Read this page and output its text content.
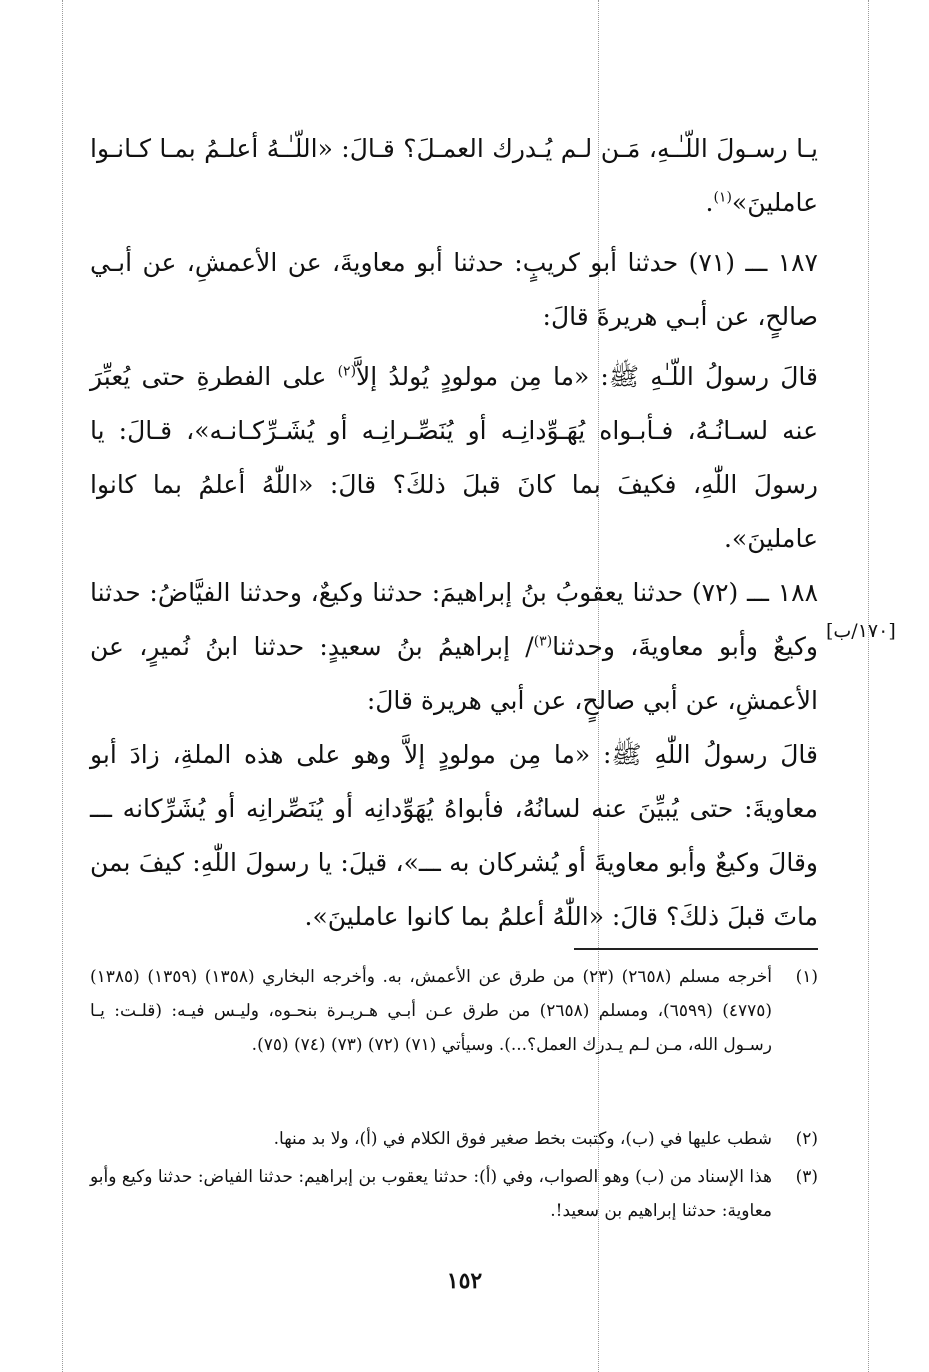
يـا رسـولَ اللّـٰـهِ، مَـن لـم يُـدرك العمـلَ؟ قـالَ: «اللّـٰـهُ أعلـمُ بمـا كـانـوا عاملينَ»$^{(١)}$.
١٨٧ ـــ (٧١) حدثنا أبو كريبٍ: حدثنا أبو معاويةَ، عن الأعمشِ، عن أبـي صالحٍ، عن أبـي هريرةَ قالَ:
قالَ رسولُ اللّـٰهِ ﷺ: «ما مِن مولودٍ يُولدُ إلاَّ$^{(٢)}$ على الفطرةِ حتى يُعبِّرَ عنه لسـانُـهُ، فـأبـواه يُهَـوِّدانِـه أو يُنَصِّـرانِـه أو يُشَـرِّكـانـه»، قـالَ: يا رسولَ اللّٰهِ، فكيفَ بما كانَ قبلَ ذلكَ؟ قالَ: «اللّٰهُ أعلمُ بما كانوا عاملينَ».
١٨٨ ـــ (٧٢) حدثنا يعقوبُ بنُ إبراهيمَ: حدثنا وكيعٌ، وحدثنا الفيَّاضُ: حدثنا وكيعٌ وأبو معاويةَ، وحدثنا$^{(٣)}$/ إبراهيمُ بنُ سعيدٍ: حدثنا ابنُ نُميرٍ، عن الأعمشِ، عن أبي صالحٍ، عن أبي هريرة قالَ:
[١٧٠/ب]
قالَ رسولُ اللّٰهِ ﷺ: «ما مِن مولودٍ إلاَّ وهو على هذه الملةِ، زادَ أبو معاويةَ: حتى يُبيِّنَ عنه لسانُهُ، فأبواهُ يُهَوِّدانِه أو يُنَصِّرانِه أو يُشَرِّكانه ـــ وقالَ وكيعٌ وأبو معاويةَ أو يُشركان به ـــ»، قيلَ: يا رسولَ اللّٰهِ: كيفَ بمن ماتَ قبلَ ذلكَ؟ قالَ: «اللّٰهُ أعلمُ بما كانوا عاملينَ».
(١)
أخرجه مسلم (٢٦٥٨) (٢٣) من طرق عن الأعمش، به. وأخرجه البخاري (١٣٥٨) (١٣٥٩) (١٣٨٥) (٤٧٧٥) (٦٥٩٩)، ومسلم (٢٦٥٨) من طرق عـن أبـي هـريـرة بنحـوه، وليـس فيـه: (قلـت: يـا رسـول الله، مـن لـم يـدرك العمل؟...). وسيأتي (٧١) (٧٢) (٧٣) (٧٤) (٧٥).
(٢)
شطب عليها في (ب)، وكتبت بخط صغير فوق الكلام في (أ)، ولا بد منها.
(٣)
هذا الإسناد من (ب) وهو الصواب، وفي (أ): حدثنا يعقوب بن إبراهيم: حدثنا الفياض: حدثنا وكيع وأبو معاوية: حدثنا إبراهيم بن سعيد!.
١٥٢
